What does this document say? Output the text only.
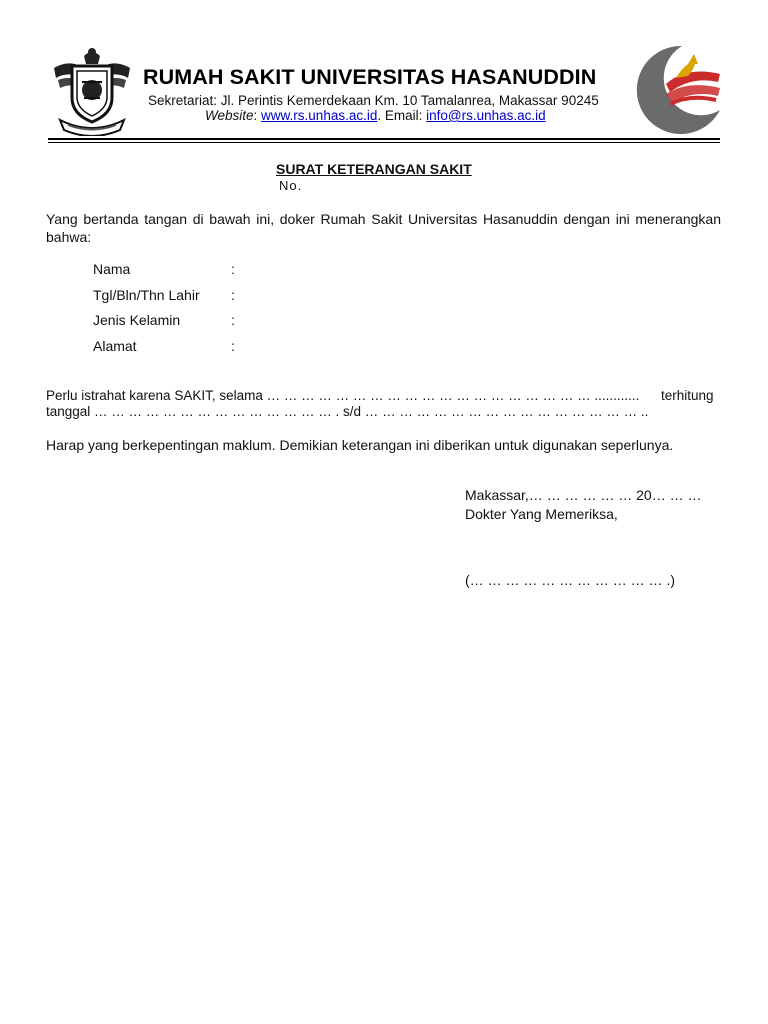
RUMAH SAKIT UNIVERSITAS HASANUDDIN
Sekretariat: Jl. Perintis Kemerdekaan Km. 10 Tamalanrea, Makassar 90245
Website: www.rs.unhas.ac.id. Email: info@rs.unhas.ac.id
SURAT KETERANGAN SAKIT
No.
Yang bertanda tangan di bawah ini, doker Rumah Sakit Universitas Hasanuddin dengan ini menerangkan bahwa:
Nama	:
Tgl/Bln/Thn Lahir :
Jenis Kelamin	:
Alamat	:
Perlu istrahat karena SAKIT, selama … … … … … … … … … … … … … … … … … … … ............ terhitung
tanggal … … … … … … … … … … … … … … . s/d … … … … … … … … … … … … … … … … ..
Harap yang berkepentingan maklum. Demikian keterangan ini diberikan untuk digunakan seperlunya.
Makassar,… … … … … … 20… … …
Dokter Yang Memeriksa,
(… … … … … … … … … … … .)
